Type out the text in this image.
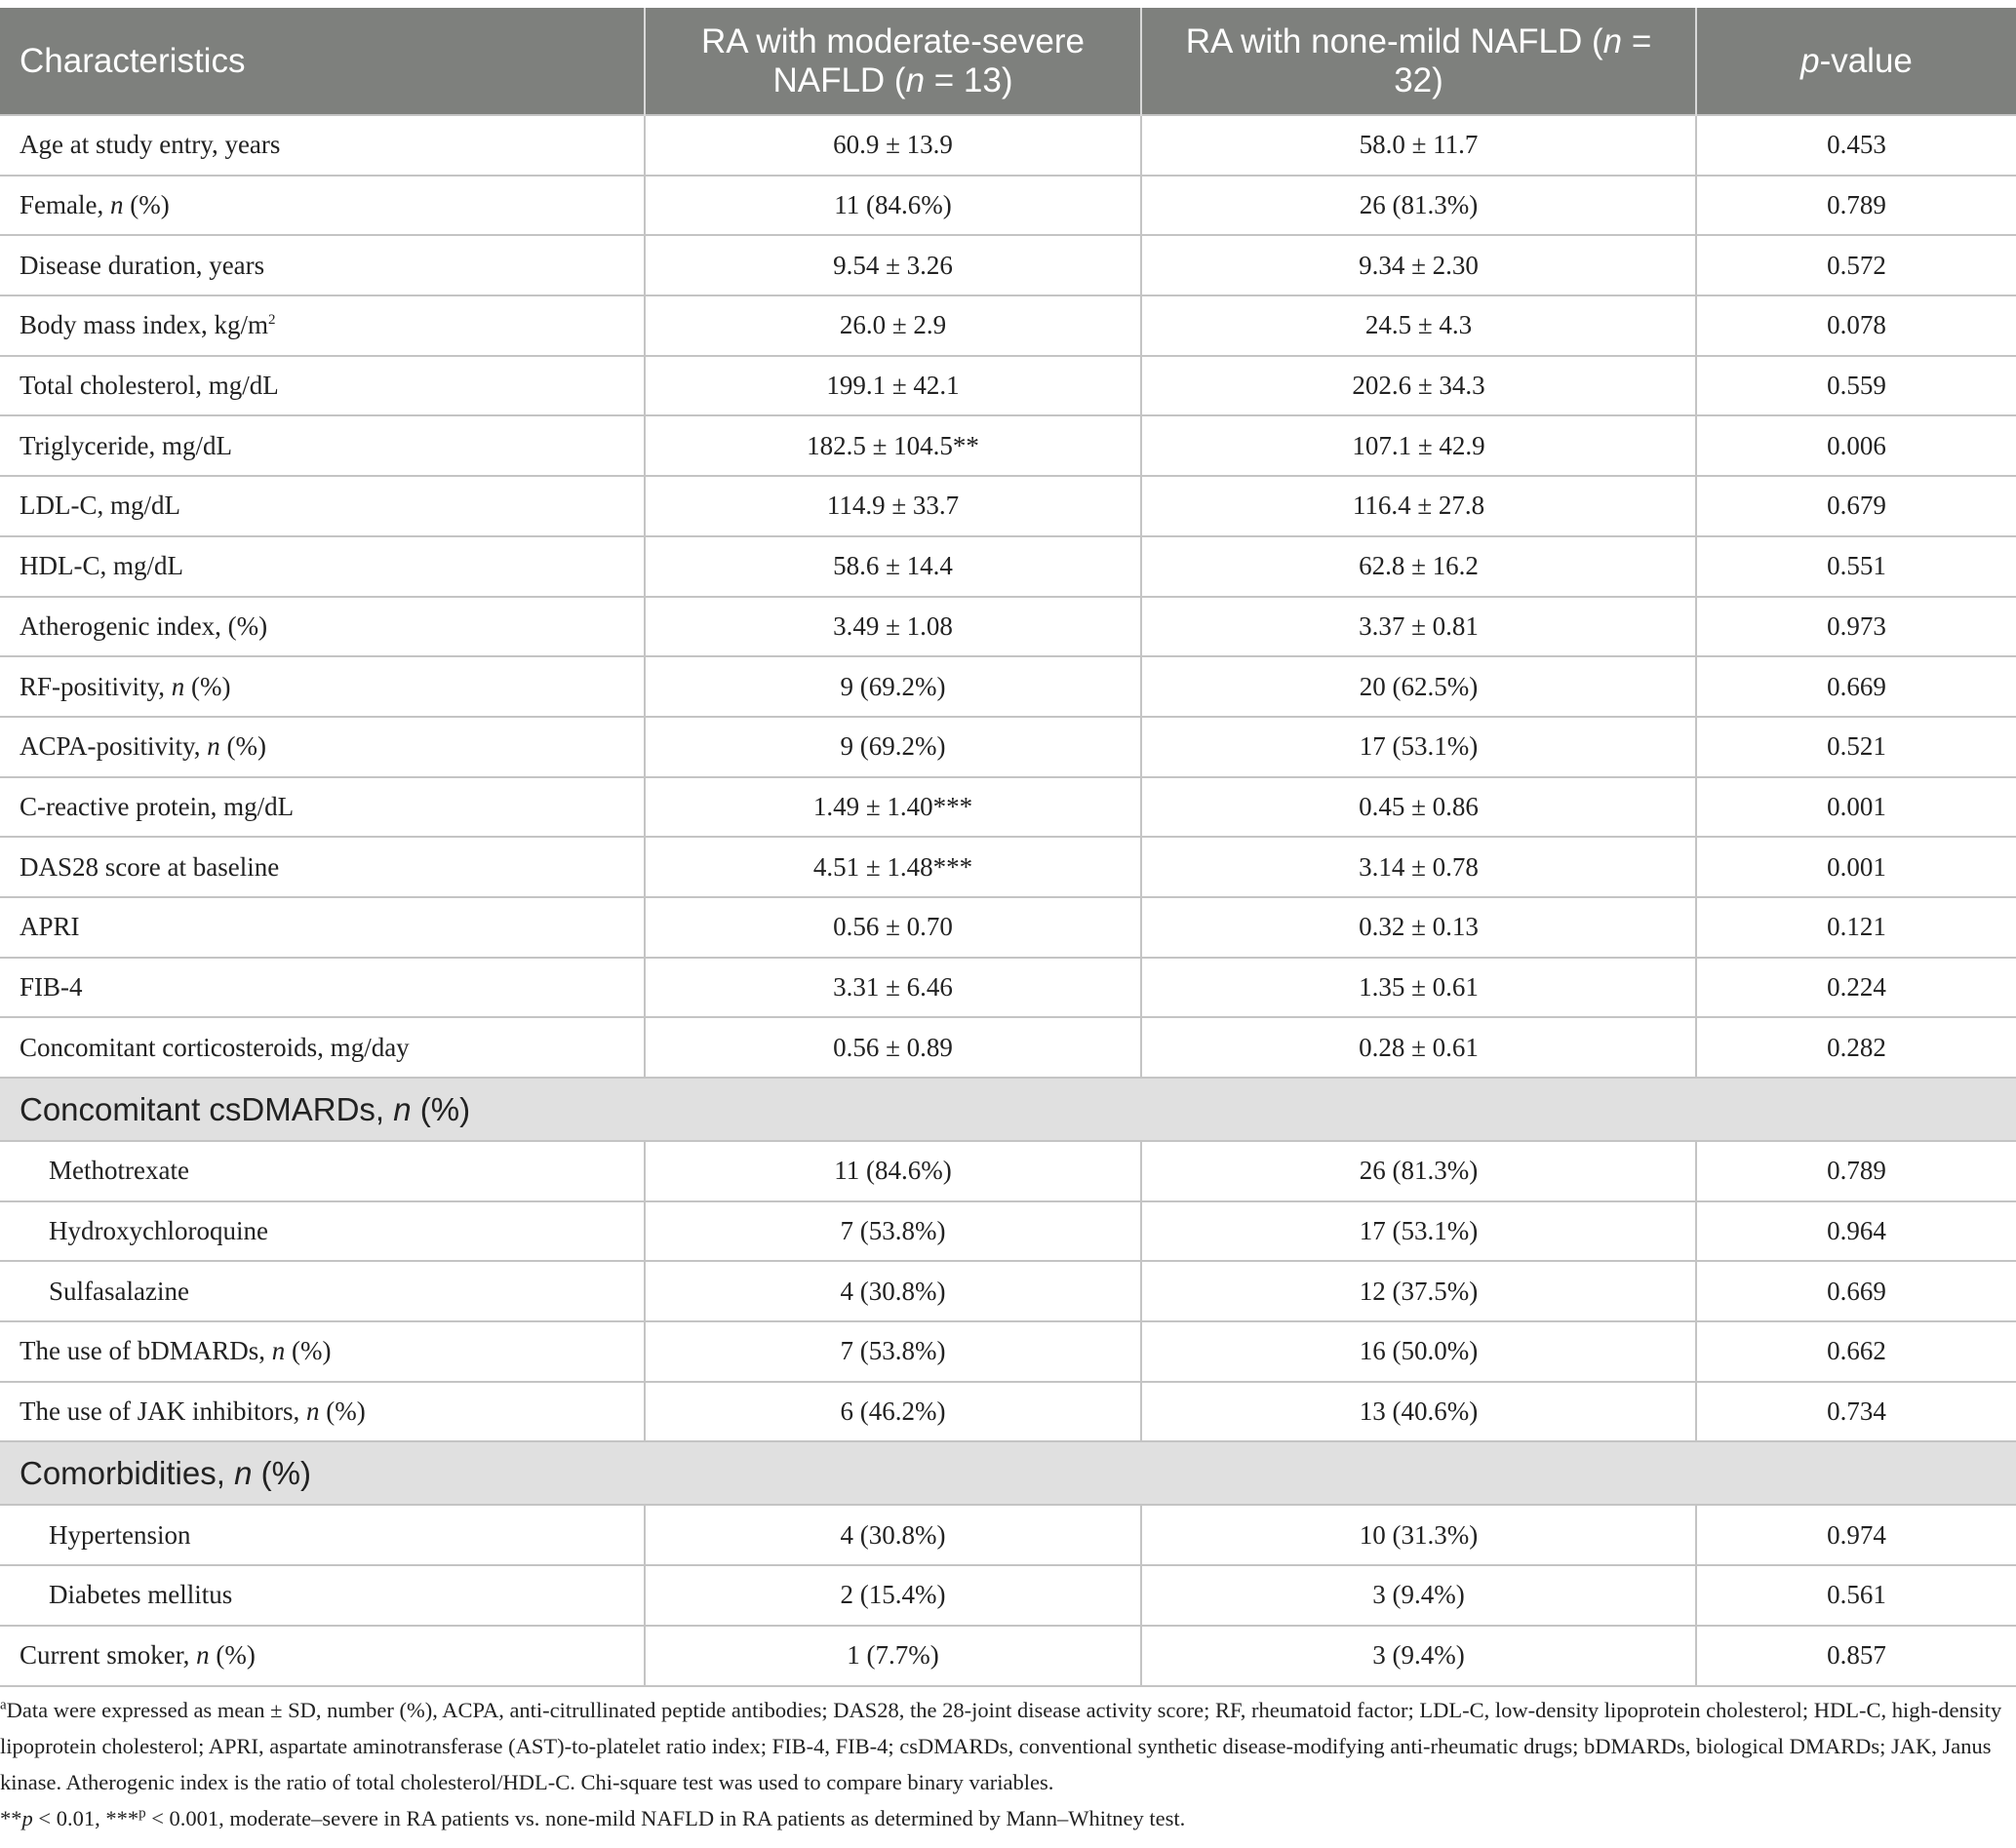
Characteristics	RA with moderate-severe NAFLD (n = 13)	RA with none-mild NAFLD (n = 32)	p-value
Age at study entry, years	60.9 ± 13.9	58.0 ± 11.7	0.453
Female, n (%)	11 (84.6%)	26 (81.3%)	0.789
Disease duration, years	9.54 ± 3.26	9.34 ± 2.30	0.572
Body mass index, $kg/m^2$	26.0 ± 2.9	24.5 ± 4.3	0.078
Total cholesterol, mg/dL	199.1 ± 42.1	202.6 ± 34.3	0.559
Triglyceride, mg/dL	182.5 ± 104.5**	107.1 ± 42.9	0.006
LDL-C, mg/dL	114.9 ± 33.7	116.4 ± 27.8	0.679
HDL-C, mg/dL	58.6 ± 14.4	62.8 ± 16.2	0.551
Atherogenic index, (%)	3.49 ± 1.08	3.37 ± 0.81	0.973
RF-positivity, n (%)	9 (69.2%)	20 (62.5%)	0.669
ACPA-positivity, n (%)	9 (69.2%)	17 (53.1%)	0.521
C-reactive protein, mg/dL	1.49 ± 1.40***	0.45 ± 0.86	0.001
DAS28 score at baseline	4.51 ± 1.48***	3.14 ± 0.78	0.001
APRI	0.56 ± 0.70	0.32 ± 0.13	0.121
FIB-4	3.31 ± 6.46	1.35 ± 0.61	0.224
Concomitant corticosteroids, mg/day	0.56 ± 0.89	0.28 ± 0.61	0.282
Concomitant csDMARDs, n (%)			
Methotrexate	11 (84.6%)	26 (81.3%)	0.789
Hydroxychloroquine	7 (53.8%)	17 (53.1%)	0.964
Sulfasalazine	4 (30.8%)	12 (37.5%)	0.669
The use of bDMARDs, n (%)	7 (53.8%)	16 (50.0%)	0.662
The use of JAK inhibitors, n (%)	6 (46.2%)	13 (40.6%)	0.734
Comorbidities, n (%)			
Hypertension	4 (30.8%)	10 (31.3%)	0.974
Diabetes mellitus	2 (15.4%)	3 (9.4%)	0.561
Current smoker, n (%)	1 (7.7%)	3 (9.4%)	0.857

$^a$Data were expressed as mean ± SD, number (%), ACPA, anti-citrullinated peptide antibodies; DAS28, the 28-joint disease activity score; RF, rheumatoid factor; LDL-C, low-density lipoprotein cholesterol; HDL-C, high-density lipoprotein cholesterol; APRI, aspartate aminotransferase (AST)-to-platelet ratio index; FIB-4, FIB-4; csDMARDs, conventional synthetic disease-modifying anti-rheumatic drugs; bDMARDs, biological DMARDs; JAK, Janus kinase. Atherogenic index is the ratio of total cholesterol/HDL-C. Chi-square test was used to compare binary variables.

**p < 0.01, ***$^p$ < 0.001, moderate–severe in RA patients vs. none-mild NAFLD in RA patients as determined by Mann–Whitney test.
